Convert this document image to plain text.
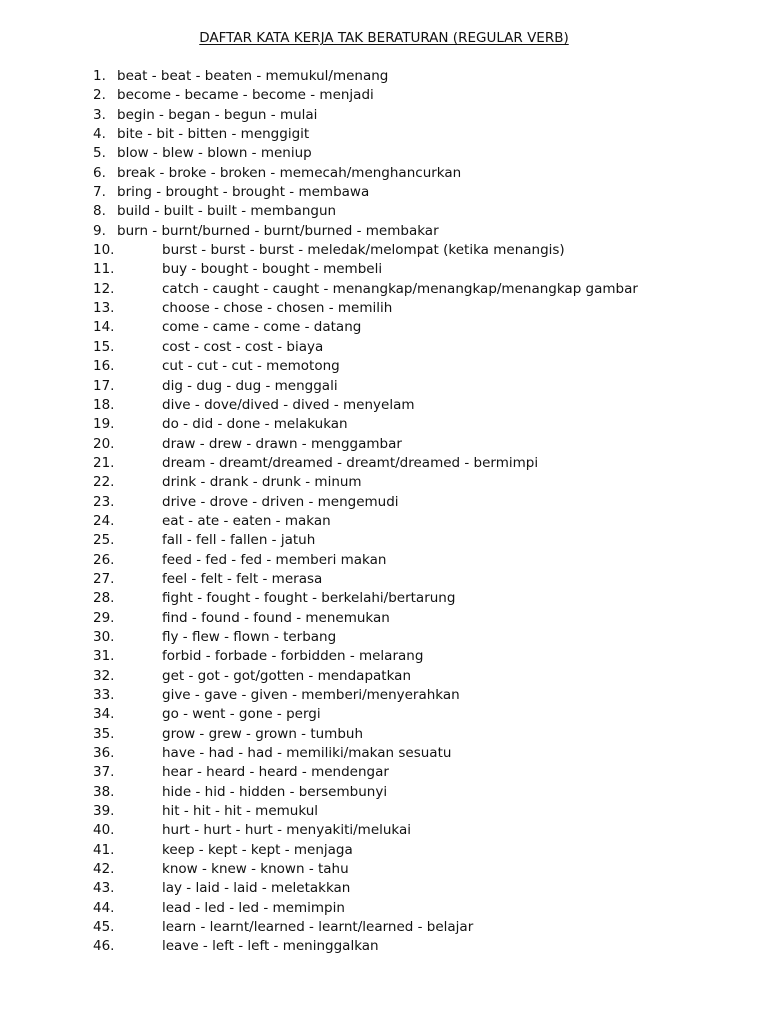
DAFTAR KATA KERJA TAK BERATURAN (REGULAR VERB)
1. beat - beat - beaten - memukul/menang
2. become - became - become - menjadi
3. begin - began - begun - mulai
4. bite - bit - bitten - menggigit
5. blow - blew - blown - meniup
6. break - broke - broken - memecah/menghancurkan
7. bring - brought - brought - membawa
8. build - built - built - membangun
9. burn - burnt/burned - burnt/burned - membakar
10.	burst - burst - burst - meledak/melompat (ketika menangis)
11.	buy - bought - bought - membeli
12.	catch - caught - caught - menangkap/menangkap/menangkap gambar
13.	choose - chose - chosen - memilih
14.	come - came - come - datang
15.	cost - cost - cost - biaya
16.	cut - cut - cut - memotong
17.	dig - dug - dug - menggali
18.	dive - dove/dived - dived - menyelam
19.	do - did - done - melakukan
20.	draw - drew - drawn - menggambar
21.	dream - dreamt/dreamed - dreamt/dreamed - bermimpi
22.	drink - drank - drunk - minum
23.	drive - drove - driven - mengemudi
24.	eat - ate - eaten - makan
25.	fall - fell - fallen - jatuh
26.	feed - fed - fed - memberi makan
27.	feel - felt - felt - merasa
28.	fight - fought - fought - berkelahi/bertarung
29.	find - found - found - menemukan
30.	fly - flew - flown - terbang
31.	forbid - forbade - forbidden - melarang
32.	get - got - got/gotten - mendapatkan
33.	give - gave - given - memberi/menyerahkan
34.	go - went - gone - pergi
35.	grow - grew - grown - tumbuh
36.	have - had - had - memiliki/makan sesuatu
37.	hear - heard - heard - mendengar
38.	hide - hid - hidden - bersembunyi
39.	hit - hit - hit - memukul
40.	hurt - hurt - hurt - menyakiti/melukai
41.	keep - kept - kept - menjaga
42.	know - knew - known - tahu
43.	lay - laid - laid - meletakkan
44.	lead - led - led - memimpin
45.	learn - learnt/learned - learnt/learned - belajar
46.	leave - left - left - meninggalkan
